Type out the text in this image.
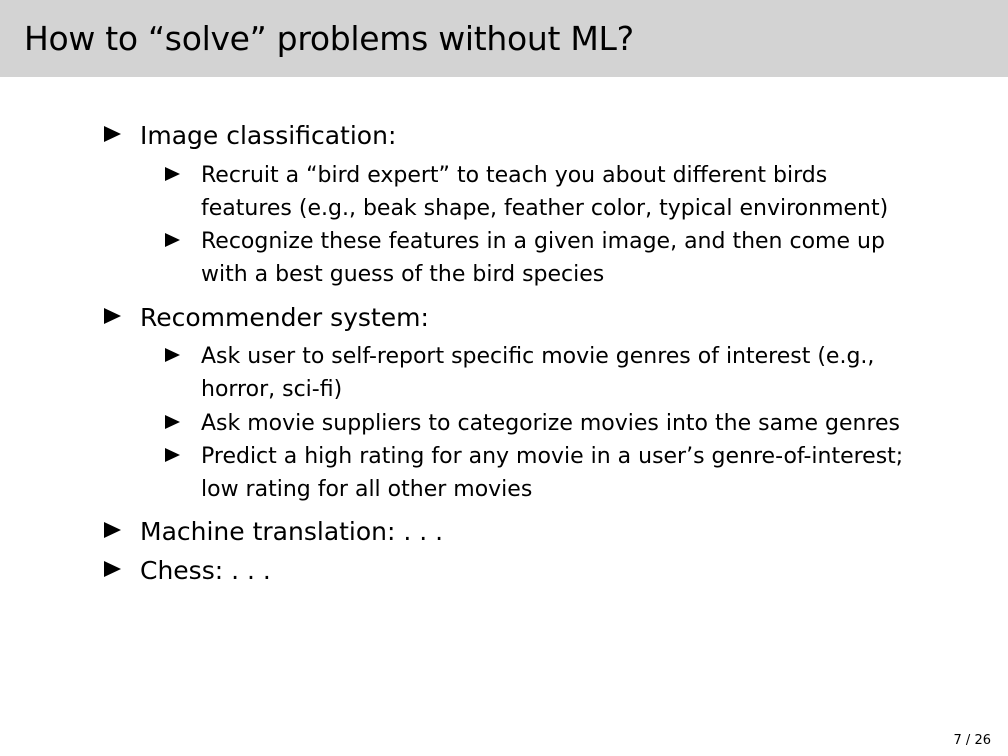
How to “solve” problems without ML?
Image classification:
Recruit a “bird expert” to teach you about different birds
features (e.g., beak shape, feather color, typical environment)
Recognize these features in a given image, and then come up
with a best guess of the bird species
Recommender system:
Ask user to self-report specific movie genres of interest (e.g.,
horror, sci-fi)
Ask movie suppliers to categorize movies into the same genres
Predict a high rating for any movie in a user’s genre-of-interest;
low rating for all other movies
Machine translation: . . .
Chess: . . .
7 / 26
